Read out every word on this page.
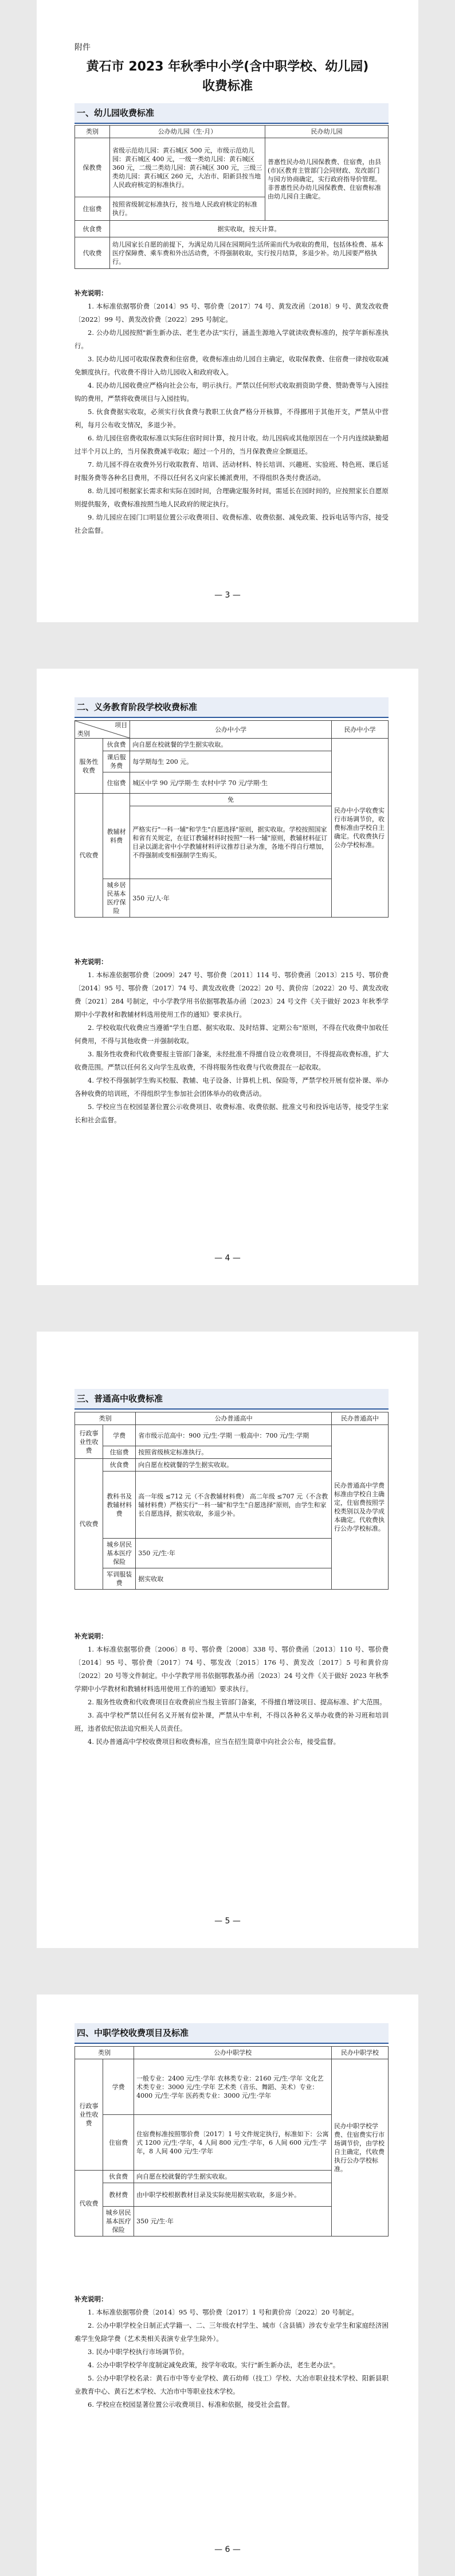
附件
黄石市 2023 年秋季中小学(含中职学校、幼儿园)
收费标准
一、幼儿园收费标准
类别	公办幼儿园（生·月）	民办幼儿园
保教费	省级示范幼儿园：黄石城区 500 元，市级示范幼儿园：黄石城区 400 元，一级一类幼儿园：黄石城区 360 元，二级二类幼儿园：黄石城区 300 元，三级三类幼儿园：黄石城区 260 元，大冶市、阳新县按当地人民政府核定的标准执行。	普惠性民办幼儿园保教费、住宿费，由县(市)区教育主管部门会同财政、发改部门与园方协商确定，实行政府指导价管理。非普惠性民办幼儿园保教费、住宿费标准由幼儿园自主确定。
住宿费	按照省级制定标准执行，按当地人民政府核定的标准执行。	
伙食费	据实收取，按天计算。	
代收费	幼儿园家长自愿的前提下，为满足幼儿园在园期间生活所需而代为收取的费用，包括体检费、基本医疗保障费、乘车费和外出活动费，不得强制收取，实行按月结算，多退少补。幼儿园要严格执行。	

补充说明：

1. 本标准依据鄂价费〔2014〕95 号、鄂价费〔2017〕74 号、黄发改函〔2018〕9 号、黄发改收费〔2022〕99 号、黄发改价费〔2022〕295 号制定。

2. 公办幼儿园按照"新生新办法、老生老办法"实行，涵盖生源地入学就读收费标准的，按学年新标准执行。

3. 民办幼儿园可收取保教费和住宿费，收费标准由幼儿园自主确定，收取保教费、住宿费一律按收取减免额度执行。代收费不得计入幼儿园收入和政府收入。

4. 民办幼儿园收费应严格向社会公布，明示执行。严禁以任何形式收取捐资助学费、赞助费等与入园挂钩的费用，严禁将收费项目与入园挂钩。

5. 伙食费据实收取，必须实行伙食费与教职工伙食严格分开核算，不得挪用于其他开支，严禁从中营利，每月公布收支情况，多退少补。

6. 幼儿园住宿费收取标准以实际住宿时间计算，按月计收。幼儿因病或其他原因在一个月内连续缺勤超过半个月以上的，当月保教费减半收取；超过一个月的，当月保教费应全额退还。

7. 幼儿园不得在收费外另行收取教育、培训、活动材料、特长培训、兴趣班、实验班、特色班、课后延时服务费等各种名目费用，不得以任何名义向家长摊派费用，不得组织各类付费活动。

8. 幼儿园可根据家长需求和实际在园时间，合理确定服务时间，需延长在园时间的，应按照家长自愿原则提供服务，收费标准按照当地人民政府的规定执行。

9. 幼儿园应在园门口明显位置公示收费项目、收费标准、收费依据、减免政策、投诉电话等内容，接受社会监督。

— 3 —
二、义务教育阶段学校收费标准
项目
类别		公办中小学	民办中小学
服务性收费	伙食费	向自愿在校就餐的学生据实收取。	民办中小学收费实行市场调节价，收费标准由学校自主确定。代收费执行公办学校标准。
	课后服务费	每学期每生 200 元。	
	住宿费	城区中学 90 元/学期·生 农村中学 70 元/学期·生	
代收费	教辅材料费	免	
		严格实行"一科一辅"和学生"自愿选择"原则，据实收取。学校按照国家和省有关规定，在征订教辅材料时按照"一科一辅"原则，教辅材料征订目录以湖北省中小学教辅材料评议推荐目录为准，各地不得自行增加，不得强制或变相强制学生购买。	
	城乡居民基本医疗保险	350 元/人·年	

补充说明：

1. 本标准依据鄂价费〔2009〕247 号、鄂价费〔2011〕114 号、鄂价费函〔2013〕215 号、鄂价费〔2014〕95 号、鄂价费〔2017〕74 号、黄发改收费〔2022〕20 号、黄价房〔2022〕20 号、黄发改收费〔2021〕284 号制定，中小学教学用书依据鄂教基办函〔2023〕24 号文件《关于做好 2023 年秋季学期中小学教材和教辅材料选用使用工作的通知》要求执行。

2. 学校收取代收费应当遵循"学生自愿、据实收取、及时结算、定期公布"原则，不得在代收费中加收任何费用，不得与其他收费一并强制收取。

3. 服务性收费和代收费要报主管部门备案，未经批准不得擅自设立收费项目，不得提高收费标准，扩大收费范围。严禁以任何名义向学生乱收费，不得将服务性收费与代收费混在一起收取。

4. 学校不得强制学生购买校服、教辅、电子设备、计算机上机、保险等，严禁学校开展有偿补课、举办各种收费的培训班，不得组织学生参加社会团体举办的收费活动。

5. 学校应当在校园显著位置公示收费项目、收费标准、收费依据、批准文号和投诉电话等，接受学生家长和社会监督。

— 4 —
三、普通高中收费标准
类别		公办普通高中	民办普通高中
行政事业性收费	学费	省市级示范高中：900 元/生·学期 一般高中：700 元/生·学期	民办普通高中学费标准由学校自主确定，住宿费按照学校类别以及办学成本确定。代收费执行公办学校标准。
	住宿费	按照省级核定标准执行。	
代收费	伙食费	向自愿在校就餐的学生据实收取。	
	教科书及教辅材料费	高一年级 ≤712 元（不含教辅材料费） 高二年级 ≤707 元（不含教辅材料费）严格实行"一科一辅"和学生"自愿选择"原则，由学生和家长自愿选择，据实收取，多退少补。	
	城乡居民基本医疗保险	350 元/生·年	
	军训服装费	据实收取	

补充说明：

1. 本标准依据鄂价费〔2006〕8 号、鄂价费〔2008〕338 号、鄂价费函〔2013〕110 号、鄂价费〔2014〕95 号、鄂价费〔2017〕74 号、鄂发改〔2015〕176 号、黄发改〔2017〕5 号和黄价房〔2022〕20 号等文件制定。中小学教学用书依据鄂教基办函〔2023〕24 号文件《关于做好 2023 年秋季学期中小学教材和教辅材料选用使用工作的通知》要求执行。

2. 服务性收费和代收费项目在收费前应当报主管部门备案，不得擅自增设项目、提高标准、扩大范围。

3. 高中学校严禁以任何名义开展有偿补课，严禁从中牟利，不得以各种名义举办收费的补习班和培训班，违者依纪依法追究相关人员责任。

4. 民办普通高中学校收费项目和收费标准，应当在招生简章中向社会公布，接受监督。

— 5 —
四、中职学校收费项目及标准
类别		公办中职学校	民办中职学校
行政事业性收费	学费	一般专业：2400 元/生·学年 农林类专业：2160 元/生·学年 文化艺术类专业：3000 元/生·学年 艺术类（音乐、舞蹈、美术）专业：4000 元/生·学年 医药类专业：3000 元/生·学年	民办中职学校学费、住宿费实行市场调节价，由学校自主确定，代收费执行公办学校标准。
	住宿费	住宿费标准按照鄂价费〔2017〕1 号文件规定执行，标准如下：公寓式 1200 元/生·学年，4 人间 800 元/生·学年，6 人间 600 元/生·学年，8 人间 400 元/生·学年	
代收费	伙食费	向自愿在校就餐的学生据实收取。	
	教材费	由中职学校根据教材目录及实际使用据实收取，多退少补。	
	城乡居民基本医疗保险	350 元/生·年	

补充说明：

1. 本标准依据鄂价费〔2014〕95 号、鄂价费〔2017〕1 号和黄价房〔2022〕20 号制定。

2. 公办中职学校全日制正式学籍一、二、三年级农村学生、城市（含县镇）涉农专业学生和家庭经济困难学生免除学费（艺术类相关表演专业学生除外）。

3. 民办中职学校执行市场调节价。

4. 公办中职学校学年度制定减免政策，按学年收取。实行"新生新办法，老生老办法"。

5. 公办中职学校名录：黄石市中等专业学校、黄石幼师（技工）学校、大冶市职业技术学校、阳新县职业教育中心、黄石艺术学校、大冶市中等职业技术学校。

6. 学校应在校园显著位置公示收费项目、标准和依据，接受社会监督。

— 6 —
